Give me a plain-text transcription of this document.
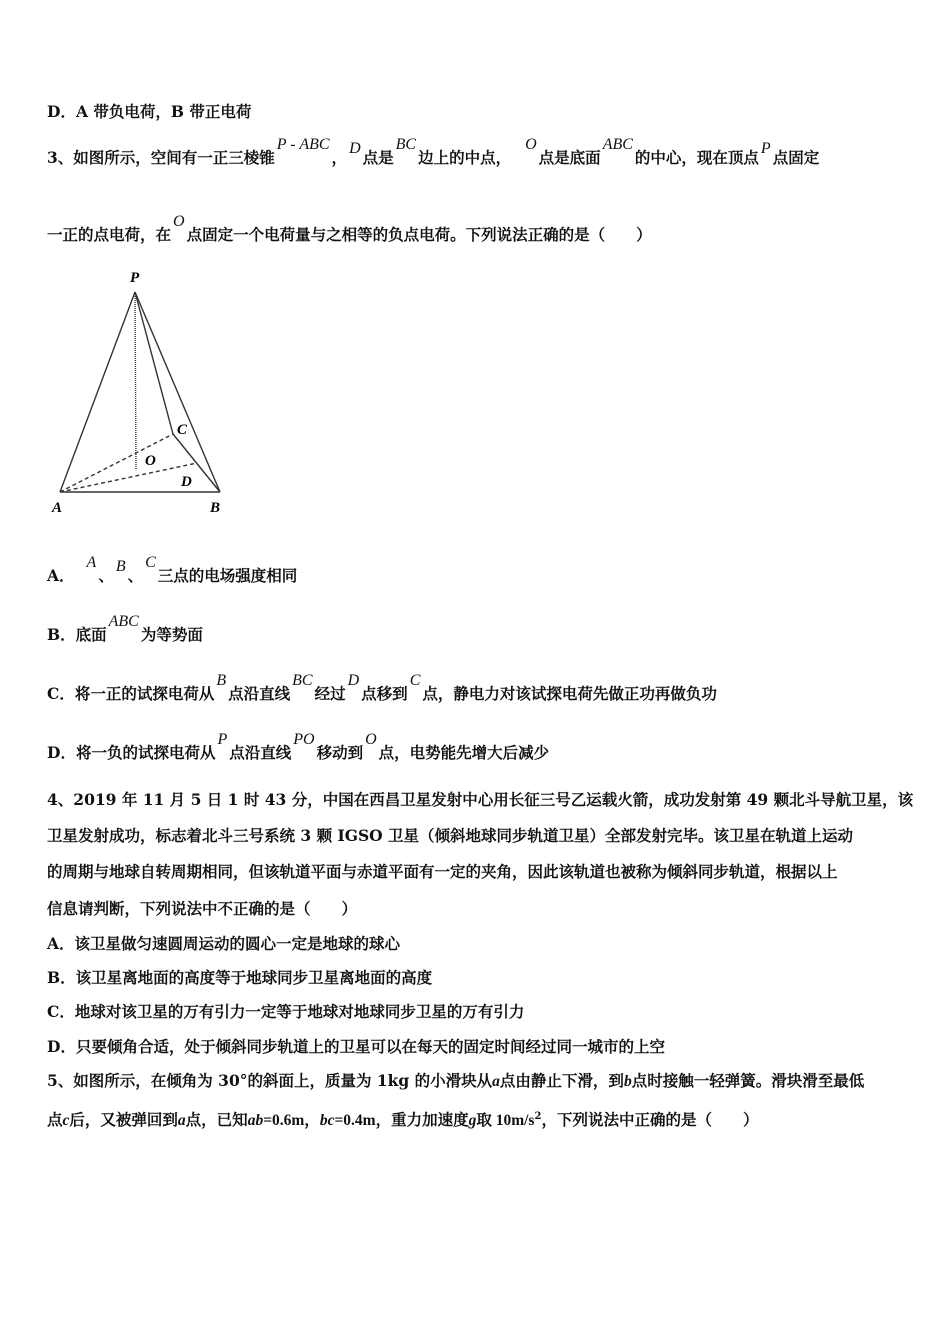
D．A 带负电荷，B 带正电荷
3、如图所示，空间有一正三棱锥P - ABC， D 点是BC边上的中点，O点是底面ABC的中心，现在顶点 P 点固定
一正的点电荷，在O点固定一个电荷量与之相等的负点电荷。下列说法正确的是（　　）
P
C
O
D
A	B
A．A、 B 、C三点的电场强度相同
B．底面ABC为等势面
C．将一正的试探电荷从B点沿直线BC经过D点移到C点，静电力对该试探电荷先做正功再做负功
D．将一负的试探电荷从P点沿直线PO移动到O点，电势能先增大后减少
4、2019 年 11 月 5 日 1 时 43 分，中国在西昌卫星发射中心用长征三号乙运载火箭，成功发射第 49 颗北斗导航卫星，该
卫星发射成功，标志着北斗三号系统 3 颗 IGSO 卫星（倾斜地球同步轨道卫星）全部发射完毕。该卫星在轨道上运动
的周期与地球自转周期相同，但该轨道平面与赤道平面有一定的夹角，因此该轨道也被称为倾斜同步轨道，根据以上
信息请判断，下列说法中不正确的是（　　）
A．该卫星做匀速圆周运动的圆心一定是地球的球心
B．该卫星离地面的高度等于地球同步卫星离地面的高度
C．地球对该卫星的万有引力一定等于地球对地球同步卫星的万有引力
D．只要倾角合适，处于倾斜同步轨道上的卫星可以在每天的固定时间经过同一城市的上空
5、如图所示，在倾角为 30°的斜面上，质量为 1kg 的小滑块从a点由静止下滑，到b点时接触一轻弹簧。滑块滑至最低
点c后，又被弹回到a点，已知ab=0.6m，bc=0.4m，重力加速度g取 $10m/s^2$，下列说法中正确的是（　　）
